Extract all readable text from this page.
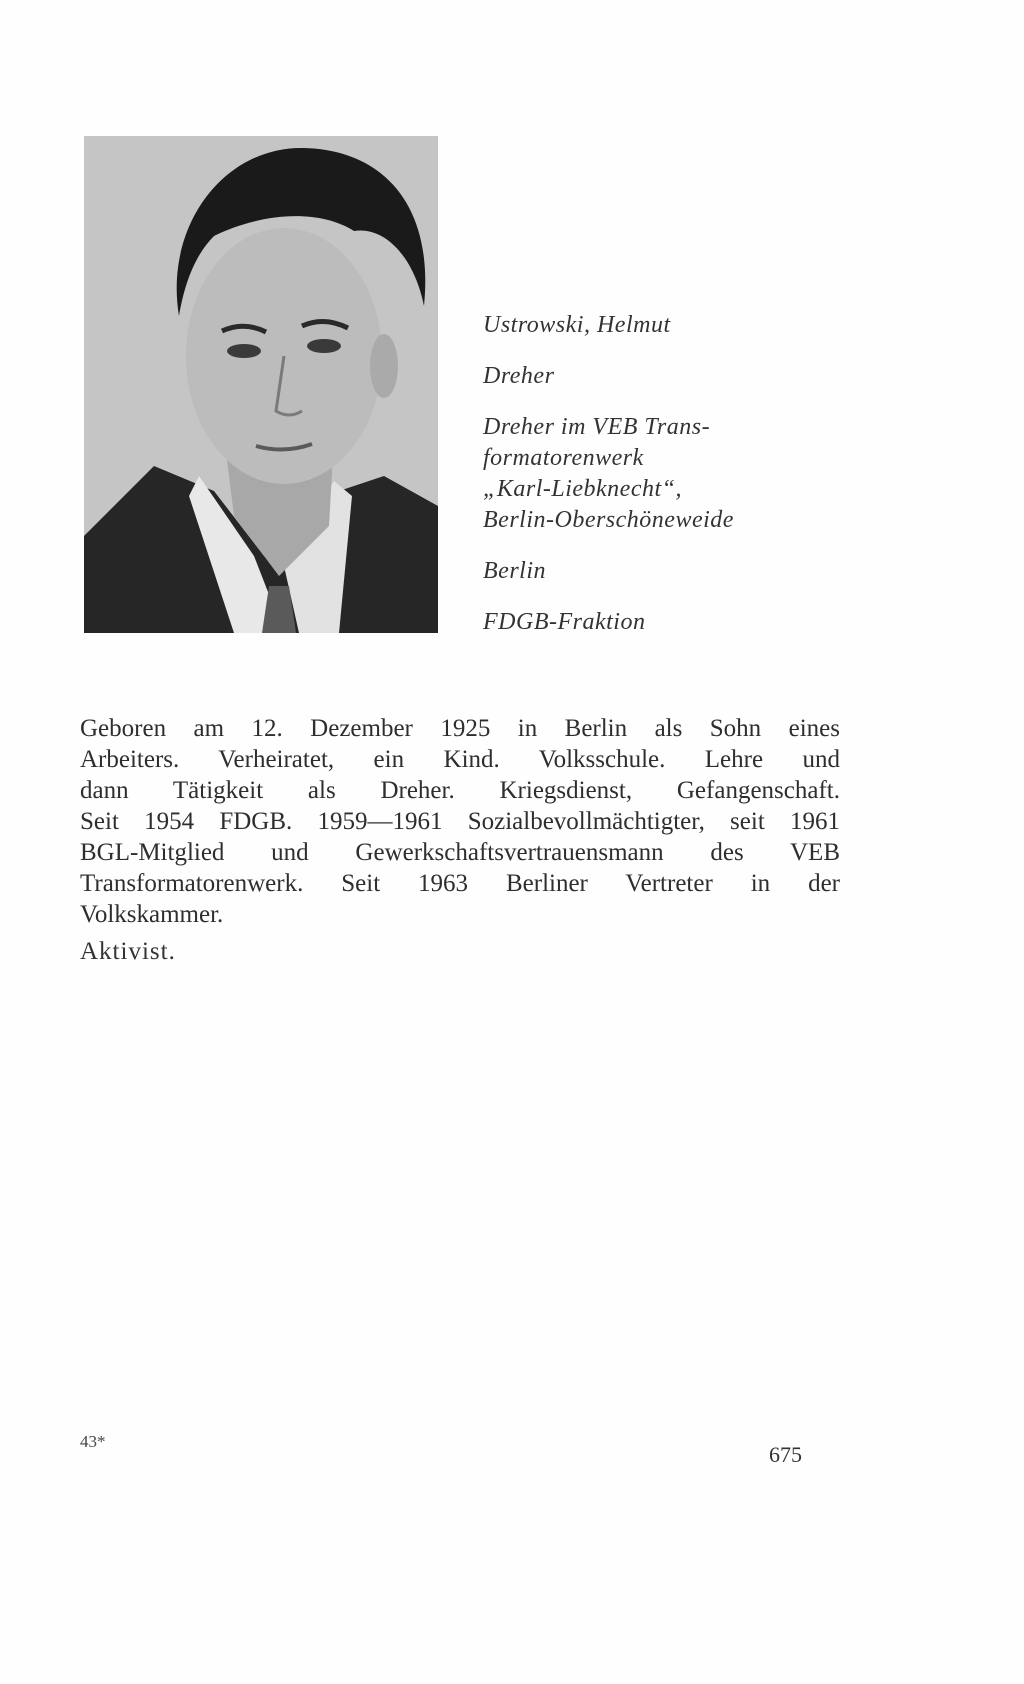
Ustrowski, Helmut

Dreher

Dreher im VEB Trans-
formatorenwerk
„Karl-Liebknecht“,
Berlin-Oberschöneweide

Berlin

FDGB-Fraktion

Geboren am 12. Dezember 1925 in Berlin als Sohn eines
Arbeiters. Verheiratet, ein Kind. Volksschule. Lehre und
dann Tätigkeit als Dreher. Kriegsdienst, Gefangenschaft.
Seit 1954 FDGB. 1959—1961 Sozialbevollmächtigter, seit 1961
BGL-Mitglied und Gewerkschaftsvertrauensmann des VEB
Transformatorenwerk. Seit 1963 Berliner Vertreter in der
Volkskammer.
Aktivist.
43*
675
